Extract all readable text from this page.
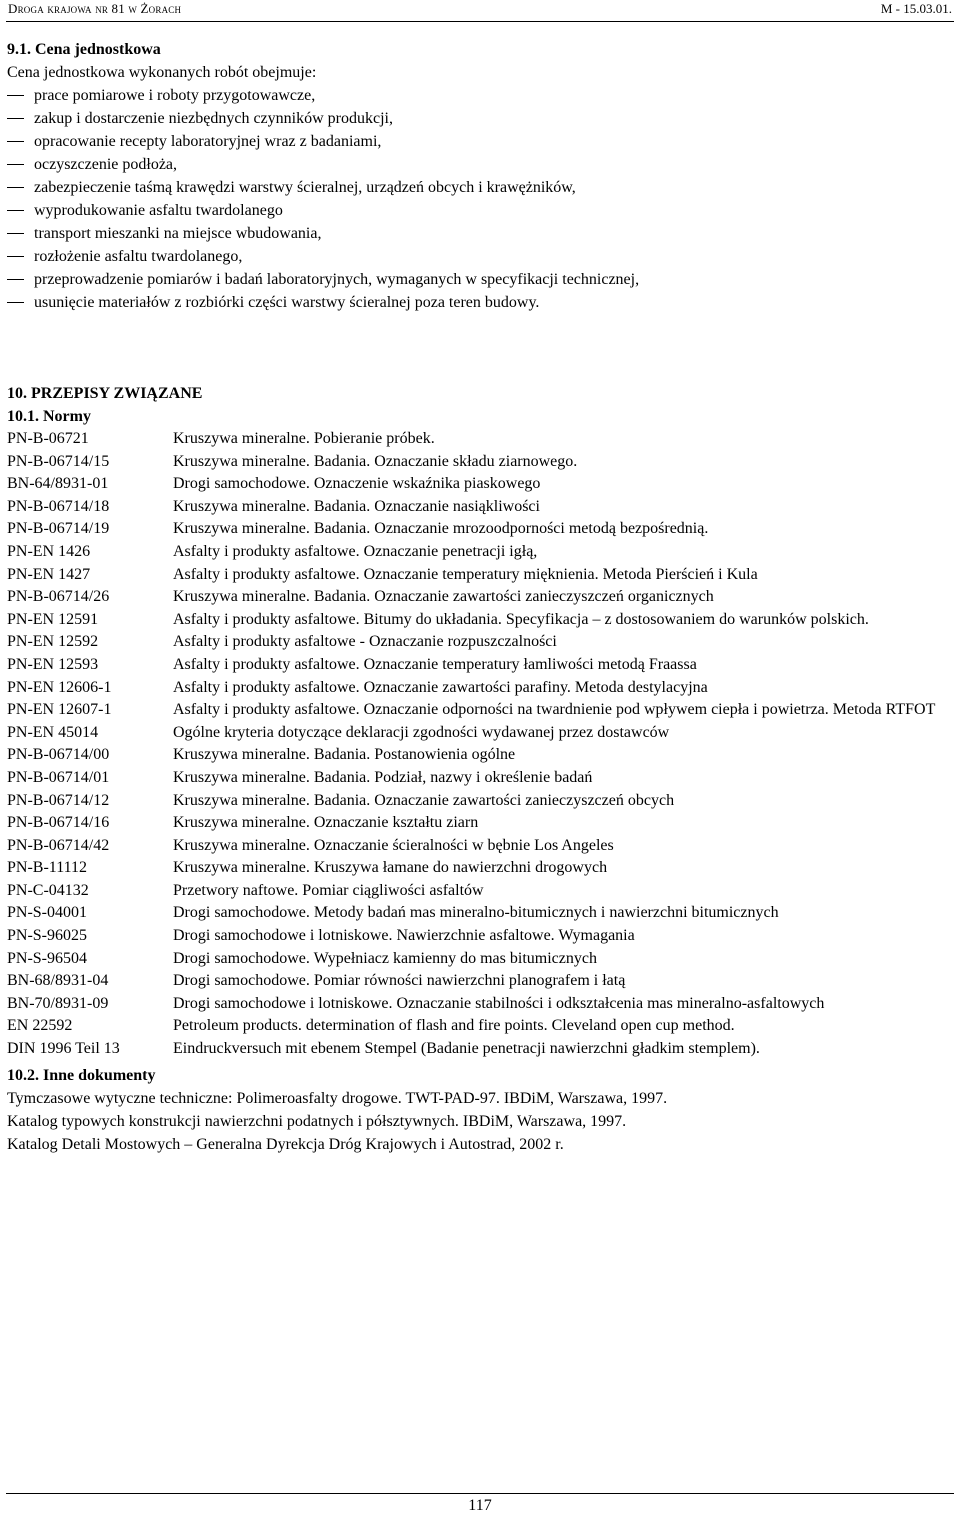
Droga krajowa nr 81 w Żorach	M - 15.03.01.
9.1. Cena jednostkowa
Cena jednostkowa wykonanych robót obejmuje:
prace pomiarowe i roboty przygotowawcze,
zakup i dostarczenie niezbędnych czynników produkcji,
opracowanie recepty laboratoryjnej wraz z badaniami,
oczyszczenie podłoża,
zabezpieczenie taśmą krawędzi warstwy ścieralnej, urządzeń obcych i krawężników,
wyprodukowanie asfaltu twardolanego
transport mieszanki na miejsce wbudowania,
rozłożenie asfaltu twardolanego,
przeprowadzenie pomiarów i badań laboratoryjnych, wymaganych w specyfikacji technicznej,
usunięcie materiałów z rozbiórki części warstwy ścieralnej poza teren budowy.
10. PRZEPISY ZWIĄZANE
10.1. Normy
PN-B-06721	Kruszywa mineralne. Pobieranie próbek.
PN-B-06714/15	Kruszywa mineralne. Badania. Oznaczanie składu ziarnowego.
BN-64/8931-01	Drogi samochodowe. Oznaczenie wskaźnika piaskowego
PN-B-06714/18	Kruszywa mineralne. Badania. Oznaczanie nasiąkliwości
PN-B-06714/19	Kruszywa mineralne. Badania. Oznaczanie mrozoodporności metodą bezpośrednią.
PN-EN 1426	Asfalty i produkty asfaltowe. Oznaczanie penetracji igłą,
PN-EN 1427	Asfalty i produkty asfaltowe. Oznaczanie temperatury mięknienia. Metoda Pierścień i Kula
PN-B-06714/26	Kruszywa mineralne. Badania. Oznaczanie zawartości zanieczyszczeń organicznych
PN-EN 12591	Asfalty i produkty asfaltowe. Bitumy do układania. Specyfikacja – z dostosowaniem do warunków polskich.
PN-EN 12592	Asfalty i produkty asfaltowe - Oznaczanie rozpuszczalności
PN-EN 12593	Asfalty i produkty asfaltowe. Oznaczanie temperatury łamliwości metodą Fraassa
PN-EN 12606-1	Asfalty i produkty asfaltowe. Oznaczanie zawartości parafiny. Metoda destylacyjna
PN-EN 12607-1	Asfalty i produkty asfaltowe. Oznaczanie odporności na twardnienie pod wpływem ciepła i powietrza. Metoda RTFOT
PN-EN 45014	Ogólne kryteria dotyczące deklaracji zgodności wydawanej przez dostawców
PN-B-06714/00	Kruszywa mineralne. Badania. Postanowienia ogólne
PN-B-06714/01	Kruszywa mineralne. Badania. Podział, nazwy i określenie badań
PN-B-06714/12	Kruszywa mineralne. Badania. Oznaczanie zawartości zanieczyszczeń obcych
PN-B-06714/16	Kruszywa mineralne. Oznaczanie kształtu ziarn
PN-B-06714/42	Kruszywa mineralne. Oznaczanie ścieralności w bębnie Los Angeles
PN-B-11112	Kruszywa mineralne. Kruszywa łamane do nawierzchni drogowych
PN-C-04132	Przetwory naftowe. Pomiar ciągliwości asfaltów
PN-S-04001	Drogi samochodowe. Metody badań mas mineralno-bitumicznych i nawierzchni bitumicznych
PN-S-96025	Drogi samochodowe i lotniskowe. Nawierzchnie asfaltowe. Wymagania
PN-S-96504	Drogi samochodowe. Wypełniacz kamienny do mas bitumicznych
BN-68/8931-04	Drogi samochodowe. Pomiar równości nawierzchni planografem i łatą
BN-70/8931-09	Drogi samochodowe i lotniskowe. Oznaczanie stabilności i odkształcenia mas mineralno-asfaltowych
EN 22592	Petroleum products. determination of flash and fire points. Cleveland open cup method.
DIN 1996 Teil 13	Eindruckversuch mit ebenem Stempel (Badanie penetracji nawierzchni gładkim stemplem).
10.2. Inne dokumenty
Tymczasowe wytyczne techniczne: Polimeroasfalty drogowe. TWT-PAD-97. IBDiM, Warszawa, 1997.
Katalog typowych konstrukcji nawierzchni podatnych i półsztywnych. IBDiM, Warszawa, 1997.
Katalog Detali Mostowych – Generalna Dyrekcja Dróg Krajowych i Autostrad, 2002 r.
117
